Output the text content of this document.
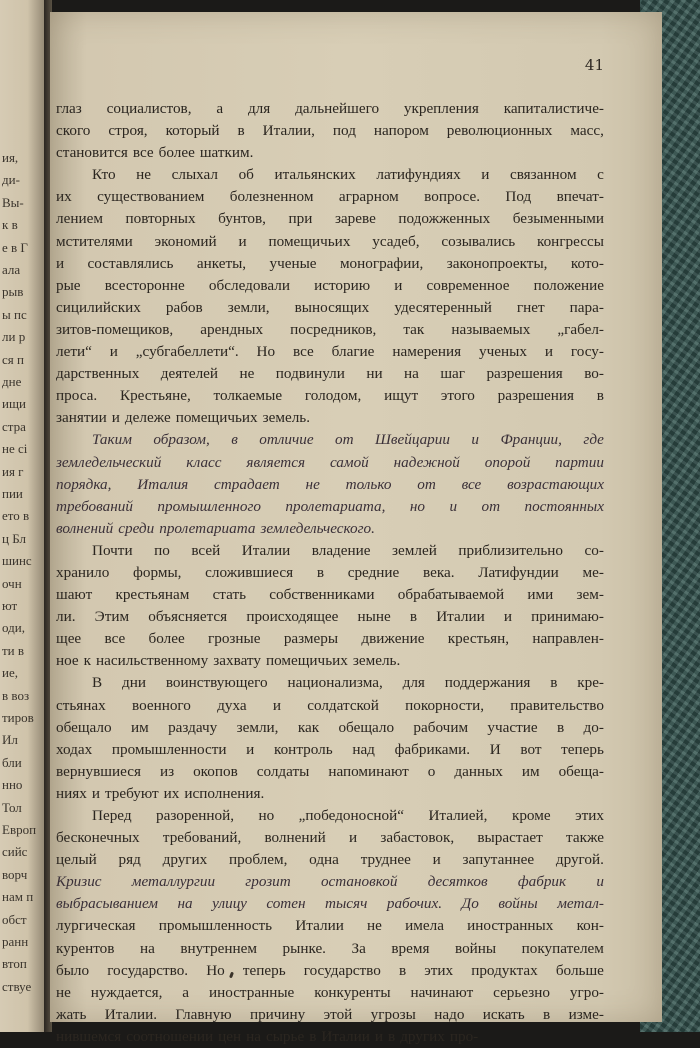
ия,
ди-
Вы-
к в
е в Г
ала
рыв
ы пс
ли р
ся п
дне
ищи
стра
не сі
ия г
пии
ето в
ц Бл
шинс
очн
ют
оди,
ти в
ие,
в воз
тиров
Ил
бли
нно
Тол
Европ
сийс
ворч
нам п
обст
ранн
втоп
ствуе
41
глаз социалистов, а для дальнейшего укрепления капиталистиче-
ского строя, который в Италии, под напором революционных масс,
становится все более шатким.
Кто не слыхал об итальянских латифундиях и связанном с
их существованием болезненном аграрном вопросе. Под впечат-
лением повторных бунтов, при зареве подожженных безыменными
мстителями экономий и помещичьих усадеб, созывались конгрессы
и составлялись анкеты, ученые монографии, законопроекты, кото-
рые всесторонне обследовали историю и современное положение
сицилийских рабов земли, выносящих удесятеренный гнет пара-
зитов-помещиков, арендных посредников, так называемых „габел-
лети“ и „субгабеллети“. Но все благие намерения ученых и госу-
дарственных деятелей не подвинули ни на шаг разрешения во-
проса. Крестьяне, толкаемые голодом, ищут этого разрешения в
занятии и дележе помещичьих земель.
Таким образом, в отличие от Швейцарии и Франции, где
земледельческий класс является самой надежной опорой партии
порядка, Италия страдает не только от все возрастающих
требований промышленного пролетариата, но и от постоянных
волнений среди пролетариата земледельческого.
Почти по всей Италии владение землей приблизительно со-
хранило формы, сложившиеся в средние века. Латифундии ме-
шают крестьянам стать собственниками обрабатываемой ими зем-
ли. Этим объясняется происходящее ныне в Италии и принимаю-
щее все более грозные размеры движение крестьян, направлен-
ное к насильственному захвату помещичьих земель.
В дни воинствующего национализма, для поддержания в кре-
стьянах военного духа и солдатской покорности, правительство
обещало им раздачу земли, как обещало рабочим участие в до-
ходах промышленности и контроль над фабриками. И вот теперь
вернувшиеся из окопов солдаты напоминают о данных им обеща-
ниях и требуют их исполнения.
Перед разоренной, но „победоносной“ Италией, кроме этих
бесконечных требований, волнений и забастовок, вырастает также
целый ряд других проблем, одна труднее и запутаннее другой.
Кризис металлургии грозит остановкой десятков фабрик и
выбрасыванием на улицу сотен тысяч рабочих. До войны метал-
лургическая промышленность Италии не имела иностранных кон-
курентов на внутреннем рынке. За время войны покупателем
было государство. Но теперь государство в этих продуктах больше
не нуждается, а иностранные конкуренты начинают серьезно угро-
жать Италии. Главную причину этой угрозы надо искать в изме-
нившемся соотношении цен на сырье в Италии и в других про-
